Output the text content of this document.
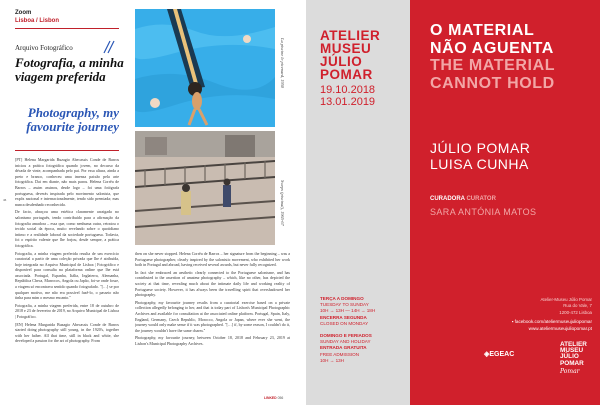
46
Zoom
Lisboa / Lisbon
Arquivo Fotográfico
Fotografia, a minha viagem preferida
Photography, my favourite journey

[PT] Helena Margarida Buzagio Abecassis Conde de Barros iniciou a prática fotográfica quando jovem, no decurso da década de vinte, acompanhada pelo pai. Por essa altura, ainda a preto e branco, conheceu uma imensa paixão pela arte fotográfica. Dai em diante, não mais parou. Helena Corrêa de Barros – assim assinou, desde logo – foi uma fotógrafa portuguesa, deverás inspirada pelo movimento salonista, que expôs nacional e internacionalmente, tendo sido premiada; mas nunca desdenhado reconhecida.

De facto, abraçou uma estética claramente arraigada no salonismo português, tendo contribuído para a afirmação da fotografia amadora – essa que, como nenhuma outra, retratou o tecido social da época, muito revelando sobre o quotidiano íntimo e a realidade laboral da sociedade portuguesa. Todavia, foi o espírito valente que lhe forjou, desde sempre, a prática fotográfica.

Fotografia, a minha viagem preferida resulta de um exercício curatorial a partir de uma coleção privada que lhe é atribuída, hoje integrada no Arquivo Municipal de Lisboa | Fotográfico e disponível para consulta na plataforma online que lhe está associada. Portugal, Espanha, Itália, Inglaterra, Alemanha, República Checa, Marrocos, Angola ou Japão, foi-se onde fosse, a viagem só encontrava sentido quando fotografado. "[…] se por qualquer motivo, me não era possível fazê-lo, o passeio não tinha para mim o mesmo encanto."

Fotografia, a minha viagem preferida, entre 18 de outubro de 2018 e 23 de fevereiro de 2019, no Arquivo Municipal de Lisboa | Fotográfico.

[EN] Helena Margarida Buzagio Abecassis Conde de Barros started doing photography still young, in the 1920's, together with her father. All that time, still in black and white, she developed a passion for the art of photography. From

La piscine le picenard, 1950
Sweps (piscinal), 1965-67

then on she never stopped. Helena Corrêa de Barros – her signature from the beginning – was a Portuguese photographer, clearly inspired by the salonistic movement, who exhibited her work both in Portugal and abroad, having received several awards, but never fully recognized.

In fact she embraced an aesthetic clearly connected to the Portuguese salonisme, and has contributed to the assertion of amateur photography – which, like no other, has depicted the society at that time, revealing much about the intimate daily life and working reality of Portuguese society. However, it has always been the travelling spirit that overshadowed her photography.

Photography, my favourite journey results from a curatorial exercise based on a private collection allegedly belonging to her, and that is today part of Lisbon's Municipal Photographic Archives and available for consultation at the associated online platform. Portugal, Spain, Italy, England, Germany, Czech Republic, Morocco, Angola or Japan, where ever she went, the journey would only make sense if it was photographed. "[…] if, by some reason, I couldn't do it, the journey wouldn't have the same charm."

Photography, my favourite journey, between October 18, 2018 and February 23, 2019 at Lisbon's Municipal Photography Archives.

LINKED 056
ATELIER
MUSEU
JÚLIO
POMAR
19.10.2018
13.01.2019
TERÇA A DOMINGO
TUESDAY TO SUNDAY
10H → 13H — 14H → 18H
ENCERRA SEGUNDA
CLOSED ON MONDAY
DOMINGO E FERIADOS
SUNDAY AND HOLIDAY
ENTRADA GRATUITA
FREE ADMISSION
10H → 13H
O MATERIAL
NÃO AGUENTA
THE MATERIAL
CANNOT HOLD
JÚLIO POMAR
LUISA CUNHA
CURADORA CURATOR
SARA ANTÓNIA MATOS
Atelier-Museu Júlio Pomar
Rua do Vale, 7
1200-472 Lisboa
▪ facebook.com/ateliermuseujuliopomar
www.ateliermuseujuliopomar.pt
◈EGEAC
ATELIER
MUSEU
JÚLIO
POMAR
Pomar
